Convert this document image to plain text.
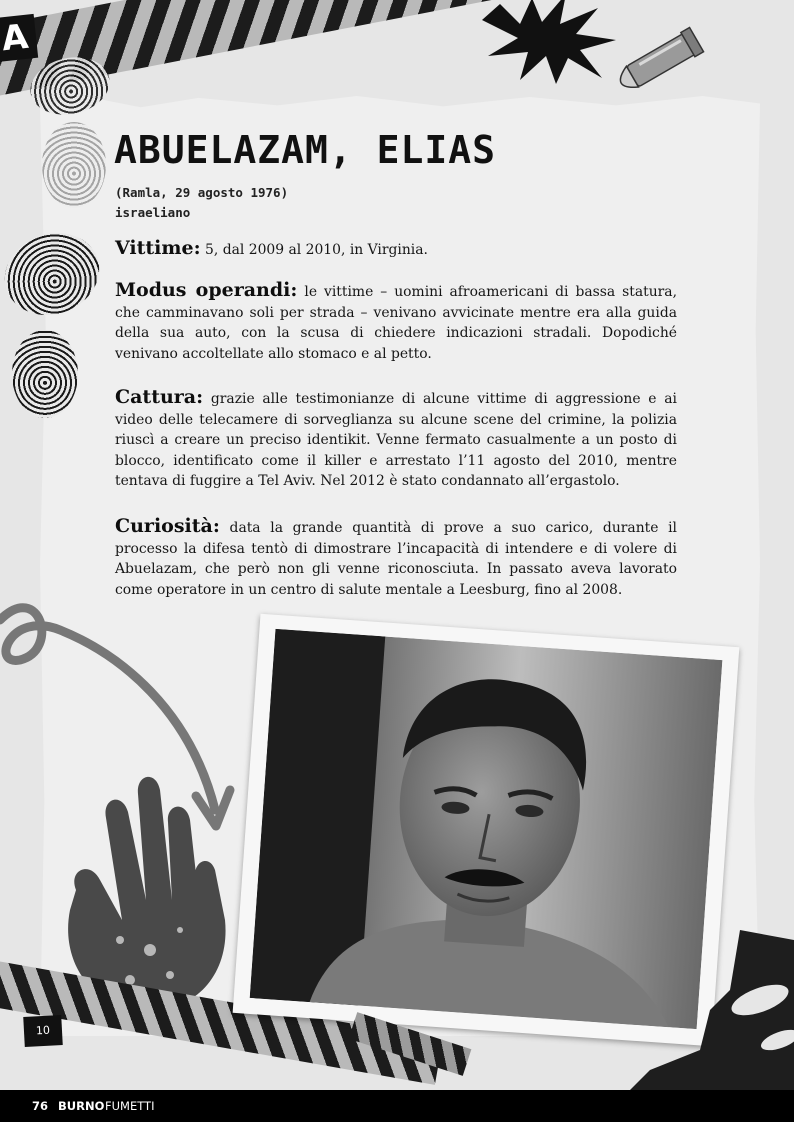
A
ABUELAZAM, ELIAS
(Ramla, 29 agosto 1976)
israeliano

Vittime: 5, dal 2009 al 2010, in Virginia.

Modus operandi: le vittime – uomini afroamericani di bassa statura, che camminavano soli per strada – venivano avvicinate mentre era alla guida della sua auto, con la scusa di chiedere indicazioni stradali. Dopodiché venivano accoltellate allo stomaco e al petto.

Cattura: grazie alle testimonianze di alcune vittime di aggressione e ai video delle telecamere di sorveglianza su alcune scene del crimine, la polizia riuscì a creare un preciso identikit. Venne fermato casualmente a un posto di blocco, identificato come il killer e arrestato l’11 agosto del 2010, mentre tentava di fuggire a Tel Aviv. Nel 2012 è stato condannato all’ergastolo.

Curiosità: data la grande quantità di prove a suo carico, durante il processo la difesa tentò di dimostrare l’incapacità di intendere e di volere di Abuelazam, che però non gli venne riconosciuta. In passato aveva lavorato come operatore in un centro di salute mentale a Leesburg, fino al 2008.

10
76 BURNO FUMETTI
